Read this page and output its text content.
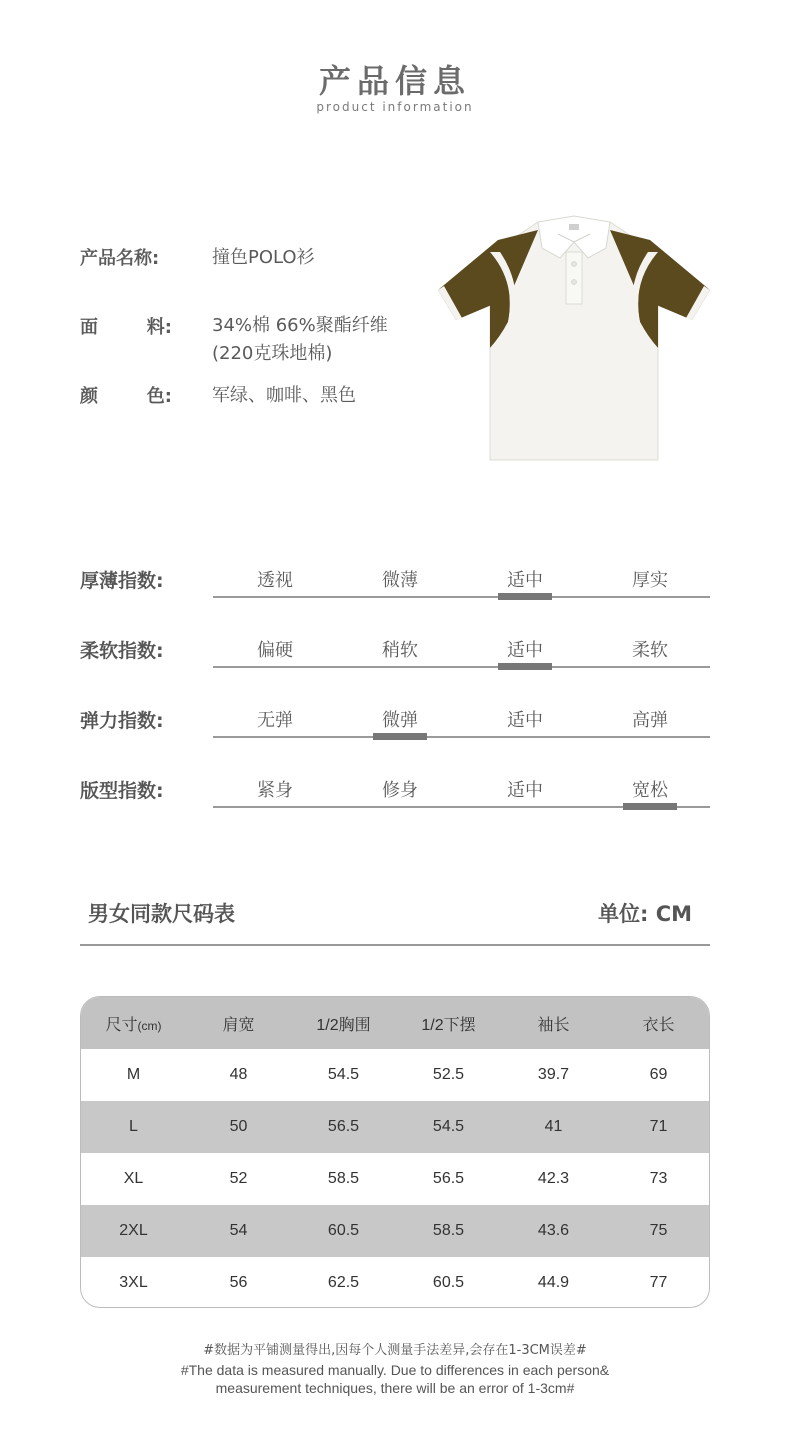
产品信息
product information
产品名称:	撞色POLO衫
面	料: 34%棉 66%聚酯纤维
(220克珠地棉)
颜	色: 军绿、咖啡、黑色
厚薄指数:	透视	微薄	适中	厚实
柔软指数:	偏硬	稍软	适中	柔软
弹力指数:	无弹	微弹	适中	高弹
版型指数:	紧身	修身	适中	宽松
男女同款尺码表	单位: CM
尺寸(cm)	肩宽	1/2胸围	1/2下摆	袖长	衣长
M	48	54.5	52.5	39.7	69
L	50	56.5	54.5	41	71
XL	52	58.5	56.5	42.3	73
2XL	54	60.5	58.5	43.6	75
3XL	56	62.5	60.5	44.9	77
#数据为平铺测量得出,因每个人测量手法差异,会存在1-3CM误差#
#The data is measured manually. Due to differences in each person&
measurement techniques, there will be an error of 1-3cm#
